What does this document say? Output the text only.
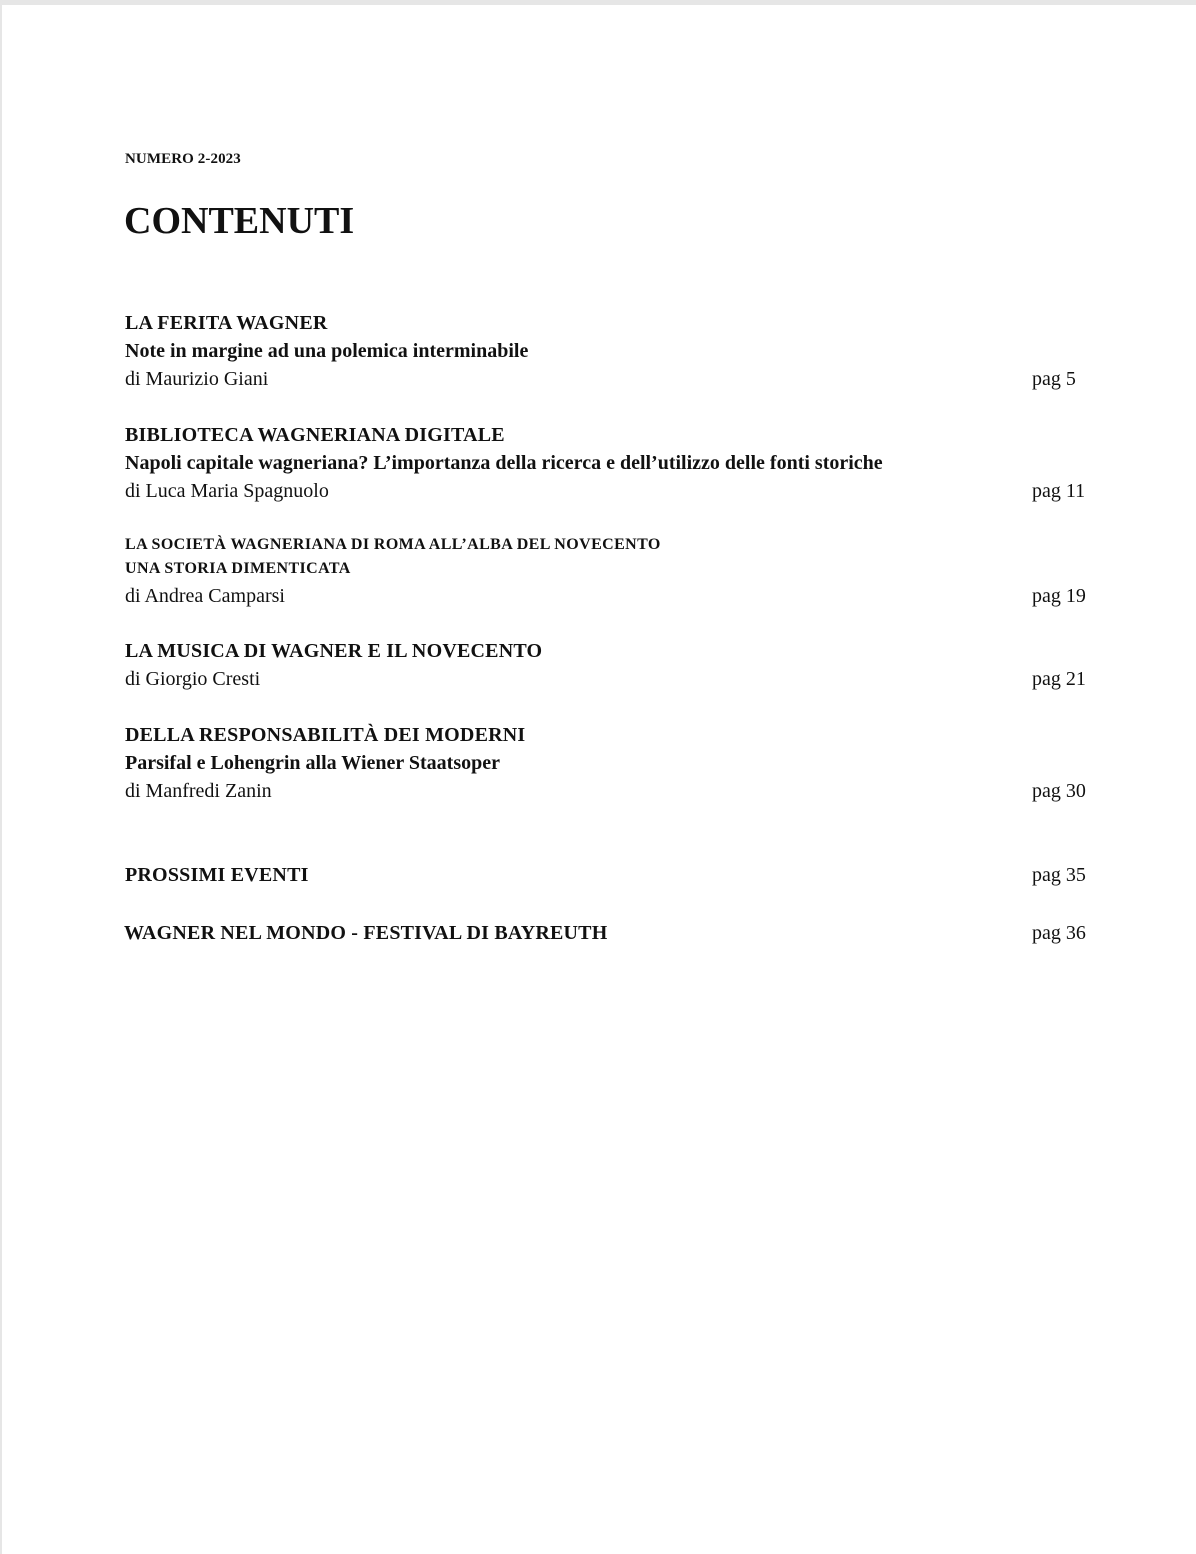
NUMERO 2-2023
CONTENUTI
LA FERITA WAGNER
Note in margine ad una polemica interminabile
di Maurizio Giani	pag 5
BIBLIOTECA WAGNERIANA DIGITALE
Napoli capitale wagneriana? L’importanza della ricerca e dell’utilizzo delle fonti storiche
di Luca Maria Spagnuolo	pag 11
LA SOCIETÀ WAGNERIANA DI ROMA ALL’ALBA DEL NOVECENTO
UNA STORIA DIMENTICATA
di Andrea Camparsi	pag 19
LA MUSICA DI WAGNER E IL NOVECENTO
di Giorgio Cresti	pag 21
DELLA RESPONSABILITÀ DEI MODERNI
Parsifal e Lohengrin alla Wiener Staatsoper
di Manfredi Zanin	pag 30
PROSSIMI EVENTI	pag 35
WAGNER NEL MONDO - FESTIVAL DI BAYREUTH	pag 36
